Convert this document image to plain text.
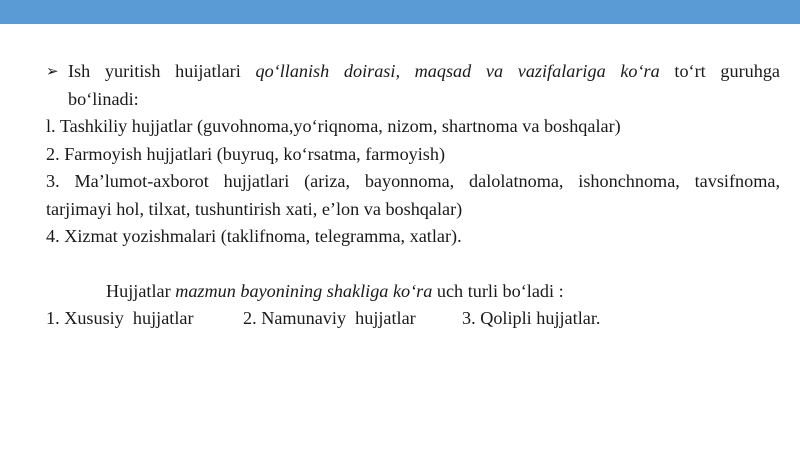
➢ Ish yuritish huijatlari qo‘llanish doirasi, maqsad va vazifalariga ko‘ra to‘rt guruhga
bo‘linadi:
l. Tashkiliy hujjatlar (guvohnoma,yo‘riqnoma, nizom, shartnoma va boshqalar)
2. Farmoyish hujjatlari (buyruq, ko‘rsatma, farmoyish)
3. Ma’lumot-axborot hujjatlari (ariza, bayonnoma, dalolatnoma, ishonchnoma, tavsifnoma,
tarjimayi hol, tilxat, tushuntirish xati, e’lon va boshqalar)
4. Xizmat yozishmalari (taklifnoma, telegramma, xatlar).
Hujjatlar mazmun bayonining shakliga ko‘ra uch turli bo‘ladi :
1. Xususiy  hujjatlar	2. Namunaviy  hujjatlar	3. Qolipli hujjatlar.
